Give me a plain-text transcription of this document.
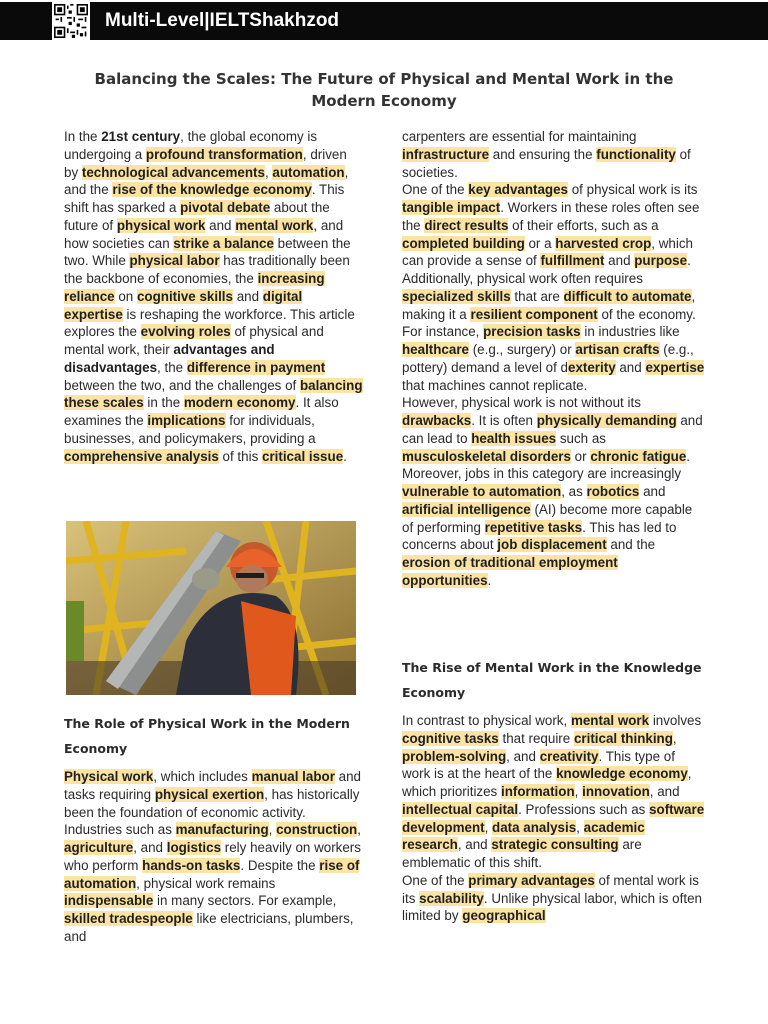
Multi-Level|IELTShakhzod
Balancing the Scales: The Future of Physical and Mental Work in the Modern Economy

In the 21st century, the global economy is undergoing a profound transformation, driven by technological advancements, automation, and the rise of the knowledge economy. This shift has sparked a pivotal debate about the future of physical work and mental work, and how societies can strike a balance between the two. While physical labor has traditionally been the backbone of economies, the increasing reliance on cognitive skills and digital expertise is reshaping the workforce. This article explores the evolving roles of physical and mental work, their advantages and disadvantages, the difference in payment between the two, and the challenges of balancing these scales in the modern economy. It also examines the implications for individuals, businesses, and policymakers, providing a comprehensive analysis of this critical issue.

The Role of Physical Work in the Modern Economy

Physical work, which includes manual labor and tasks requiring physical exertion, has historically been the foundation of economic activity. Industries such as manufacturing, construction, agriculture, and logistics rely heavily on workers who perform hands-on tasks. Despite the rise of automation, physical work remains indispensable in many sectors. For example, skilled tradespeople like electricians, plumbers, and

carpenters are essential for maintaining infrastructure and ensuring the functionality of societies.

One of the key advantages of physical work is its tangible impact. Workers in these roles often see the direct results of their efforts, such as a completed building or a harvested crop, which can provide a sense of fulfillment and purpose. Additionally, physical work often requires specialized skills that are difficult to automate, making it a resilient component of the economy. For instance, precision tasks in industries like healthcare (e.g., surgery) or artisan crafts (e.g., pottery) demand a level of dexterity and expertise that machines cannot replicate.

However, physical work is not without its drawbacks. It is often physically demanding and can lead to health issues such as musculoskeletal disorders or chronic fatigue. Moreover, jobs in this category are increasingly vulnerable to automation, as robotics and artificial intelligence (AI) become more capable of performing repetitive tasks. This has led to concerns about job displacement and the erosion of traditional employment opportunities.

The Rise of Mental Work in the Knowledge Economy

In contrast to physical work, mental work involves cognitive tasks that require critical thinking, problem-solving, and creativity. This type of work is at the heart of the knowledge economy, which prioritizes information, innovation, and intellectual capital. Professions such as software development, data analysis, academic research, and strategic consulting are emblematic of this shift.

One of the primary advantages of mental work is its scalability. Unlike physical labor, which is often limited by geographical
